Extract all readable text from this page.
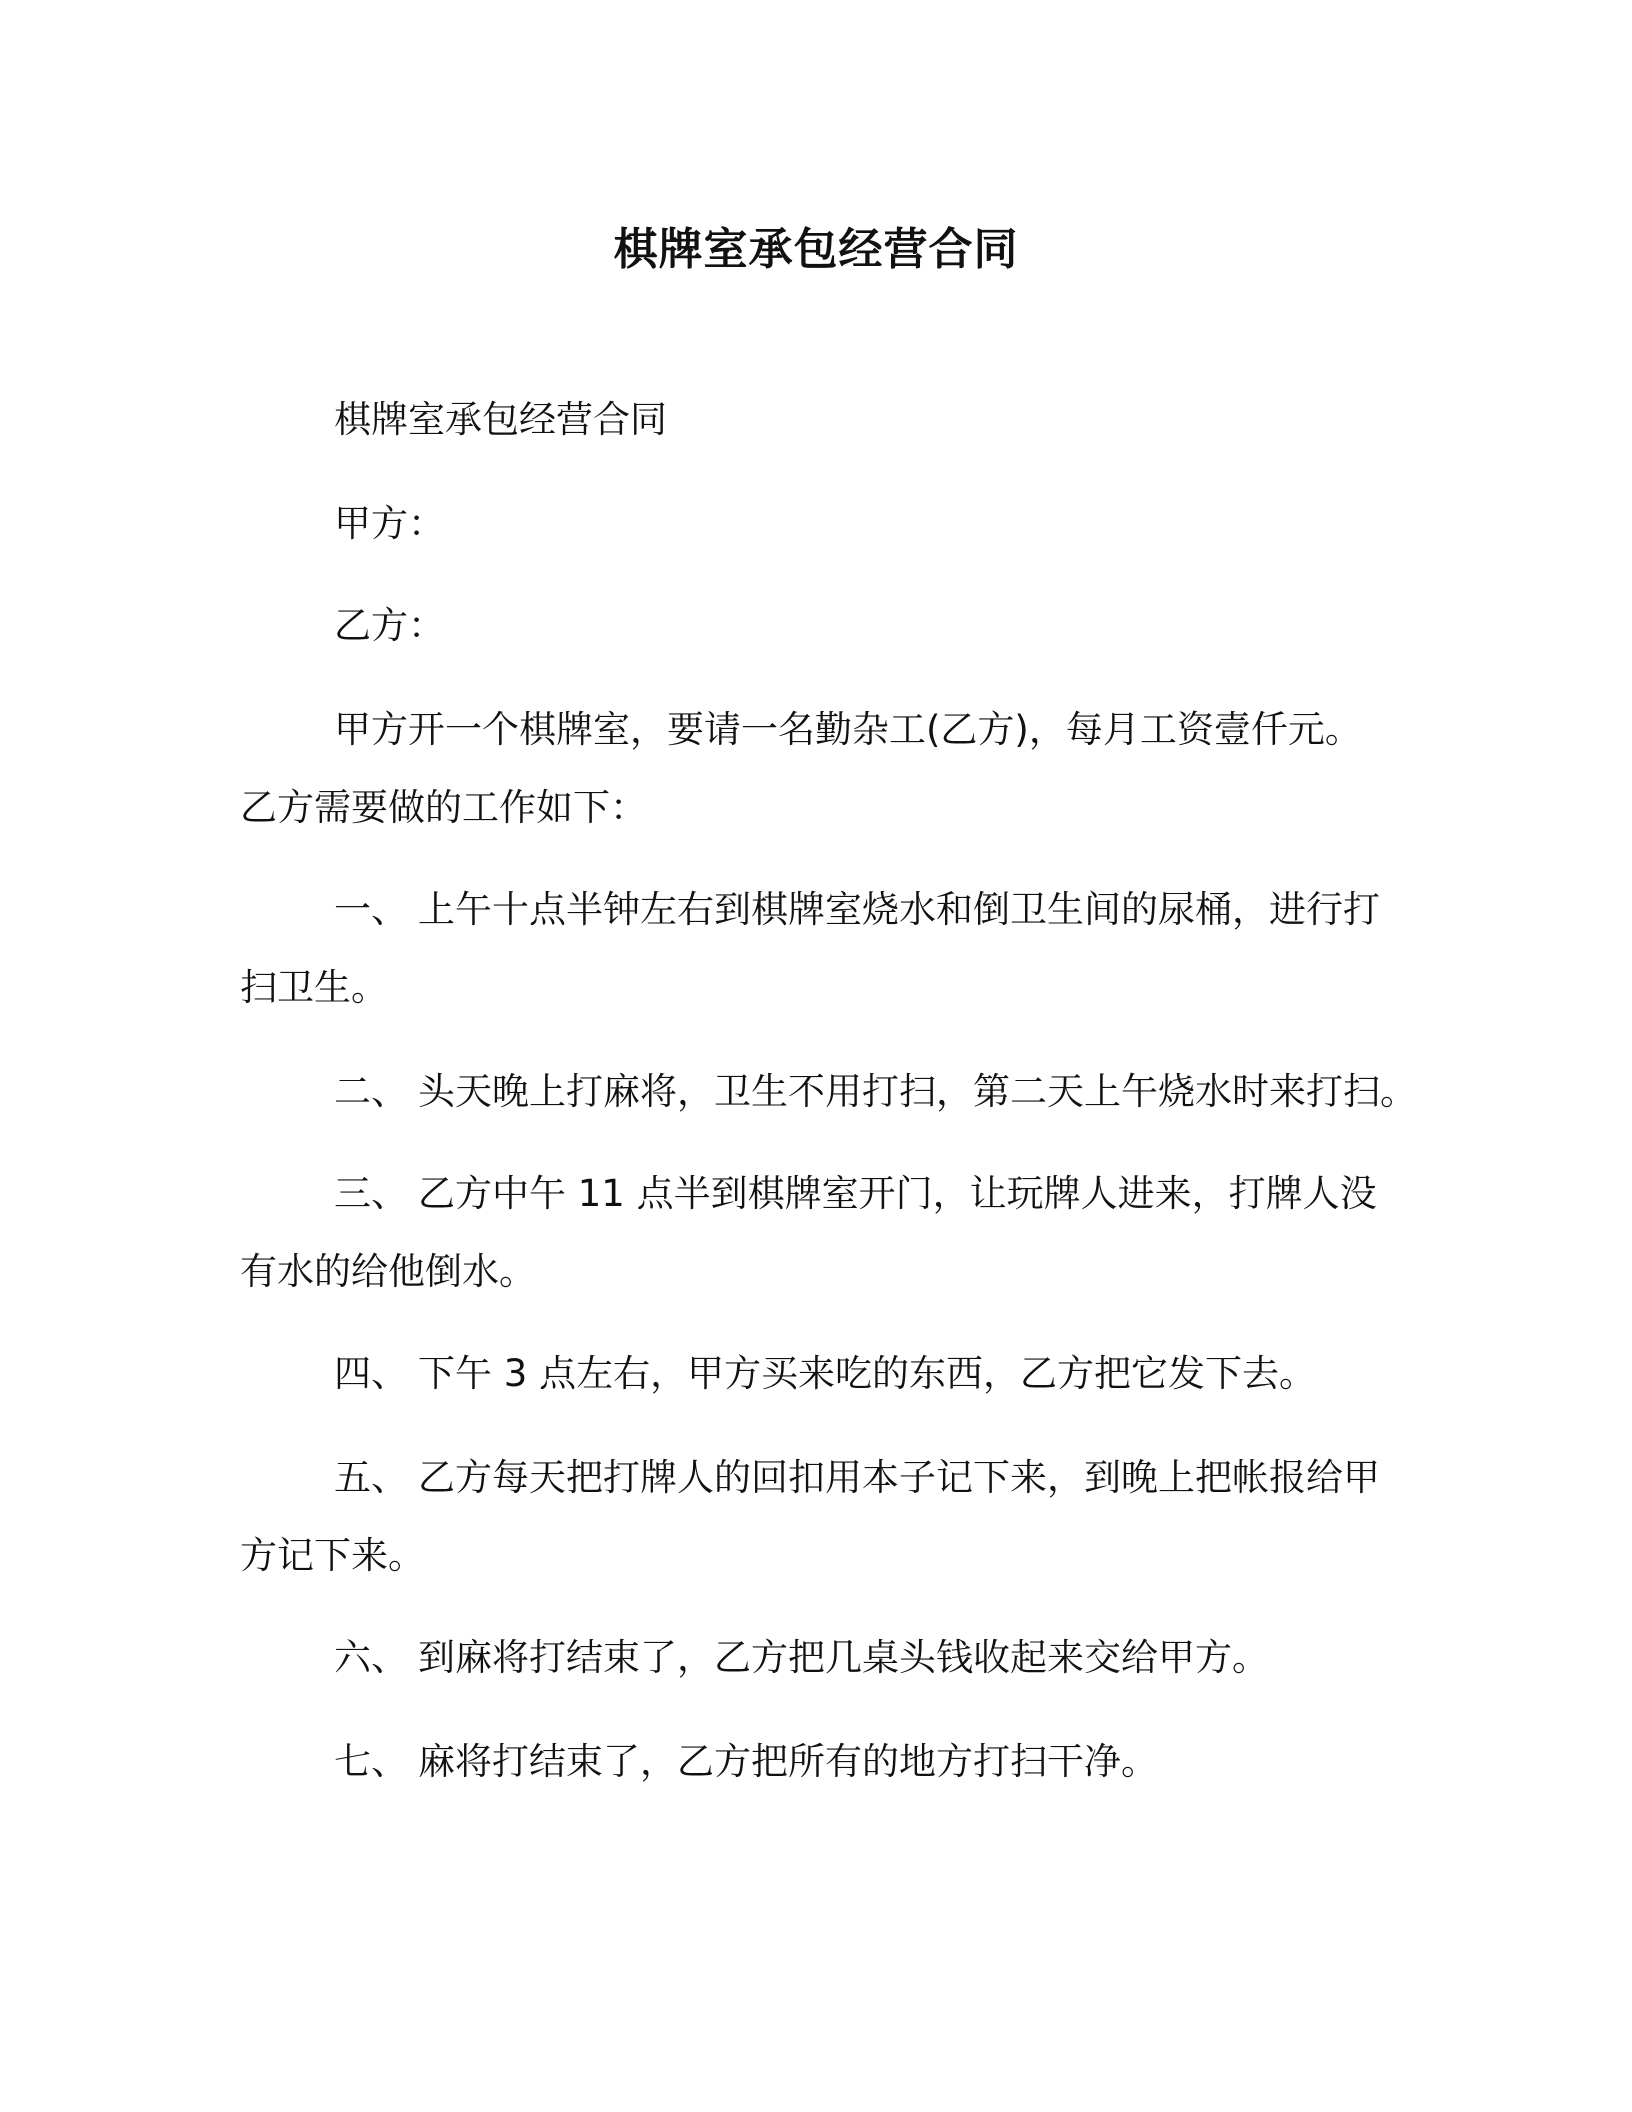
棋牌室承包经营合同
棋牌室承包经营合同
甲方：
乙方：
甲方开一个棋牌室，要请一名勤杂工(乙方)，每月工资壹仟元。
乙方需要做的工作如下：
一、 上午十点半钟左右到棋牌室烧水和倒卫生间的尿桶，进行打
扫卫生。
二、 头天晚上打麻将，卫生不用打扫，第二天上午烧水时来打扫。
三、 乙方中午 11 点半到棋牌室开门，让玩牌人进来，打牌人没
有水的给他倒水。
四、 下午 3 点左右，甲方买来吃的东西，乙方把它发下去。
五、 乙方每天把打牌人的回扣用本子记下来，到晚上把帐报给甲
方记下来。
六、 到麻将打结束了，乙方把几桌头钱收起来交给甲方。
七、 麻将打结束了，乙方把所有的地方打扫干净。
